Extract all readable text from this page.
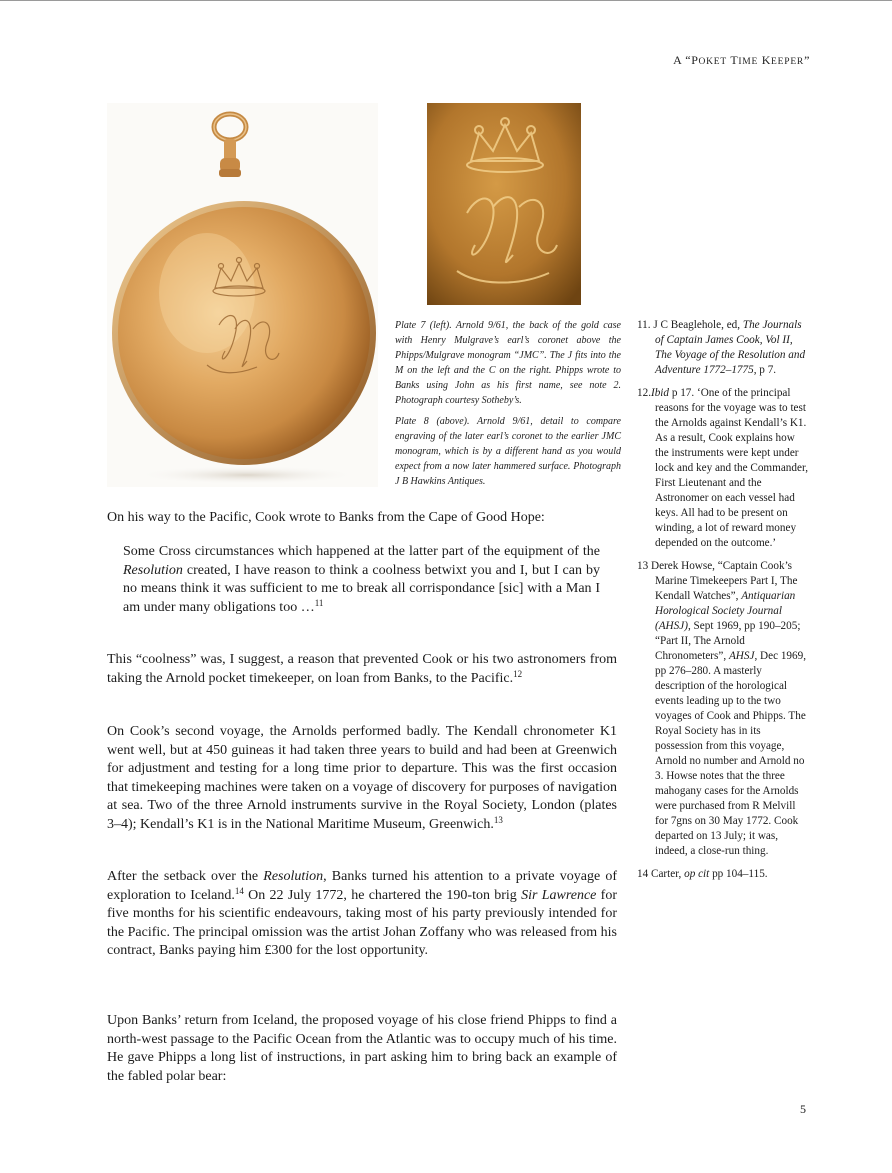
A “POKET TIME KEEPER”
Plate 7 (left). Arnold 9/61, the back of the gold case with Henry Mulgrave’s earl’s coronet above the Phipps/Mulgrave monogram “JMC”. The J fits into the M on the left and the C on the right. Phipps wrote to Banks using John as his first name, see note 2. Photograph courtesy Sotheby’s.
Plate 8 (above). Arnold 9/61, detail to compare engraving of the later earl’s coronet to the earlier JMC monogram, which is by a different hand as you would expect from a now later hammered surface. Photograph J B Hawkins Antiques.
On his way to the Pacific, Cook wrote to Banks from the Cape of Good Hope:
Some Cross circumstances which happened at the latter part of the equipment of the Resolution created, I have reason to think a coolness betwixt you and I, but I can by no means think it was sufficient to me to break all corrispondance [sic] with a Man I am under many obligations too …$^{11}$
This “coolness” was, I suggest, a reason that prevented Cook or his two astronomers from taking the Arnold pocket timekeeper, on loan from Banks, to the Pacific.$^{12}$
On Cook’s second voyage, the Arnolds performed badly. The Kendall chronometer K1 went well, but at 450 guineas it had taken three years to build and had been at Greenwich for adjustment and testing for a long time prior to departure. This was the first occasion that timekeeping machines were taken on a voyage of discovery for purposes of navigation at sea. Two of the three Arnold instruments survive in the Royal Society, London (plates 3–4); Kendall’s K1 is in the National Maritime Museum, Greenwich.$^{13}$
After the setback over the Resolution, Banks turned his attention to a private voyage of exploration to Iceland.$^{14}$ On 22 July 1772, he chartered the 190-ton brig Sir Lawrence for five months for his scientific endeavours, taking most of his party previously intended for the Pacific. The principal omission was the artist Johan Zoffany who was released from his contract, Banks paying him £300 for the lost opportunity.
Upon Banks’ return from Iceland, the proposed voyage of his close friend Phipps to find a north-west passage to the Pacific Ocean from the Atlantic was to occupy much of his time. He gave Phipps a long list of instructions, in part asking him to bring back an example of the fabled polar bear:

11. J C Beaglehole, ed, The Journals of Captain James Cook, Vol II, The Voyage of the Resolution and Adventure 1772–1775, p 7.

12.Ibid p 17. ‘One of the principal reasons for the voyage was to test the Arnolds against Kendall’s K1. As a result, Cook explains how the instruments were kept under lock and key and the Commander, First Lieutenant and the Astronomer on each vessel had keys. All had to be present on winding, a lot of reward money depended on the outcome.’

13 Derek Howse, “Captain Cook’s Marine Timekeepers Part I, The Kendall Watches”, Antiquarian Horological Society Journal (AHSJ), Sept 1969, pp 190–205; “Part II, The Arnold Chronometers”, AHSJ, Dec 1969, pp 276–280. A masterly description of the horological events leading up to the two voyages of Cook and Phipps. The Royal Society has in its possession from this voyage, Arnold no number and Arnold no 3. Howse notes that the three mahogany cases for the Arnolds were purchased from R Melvill for 7gns on 30 May 1772. Cook departed on 13 July; it was, indeed, a close-run thing.

14 Carter, op cit pp 104–115.

5
